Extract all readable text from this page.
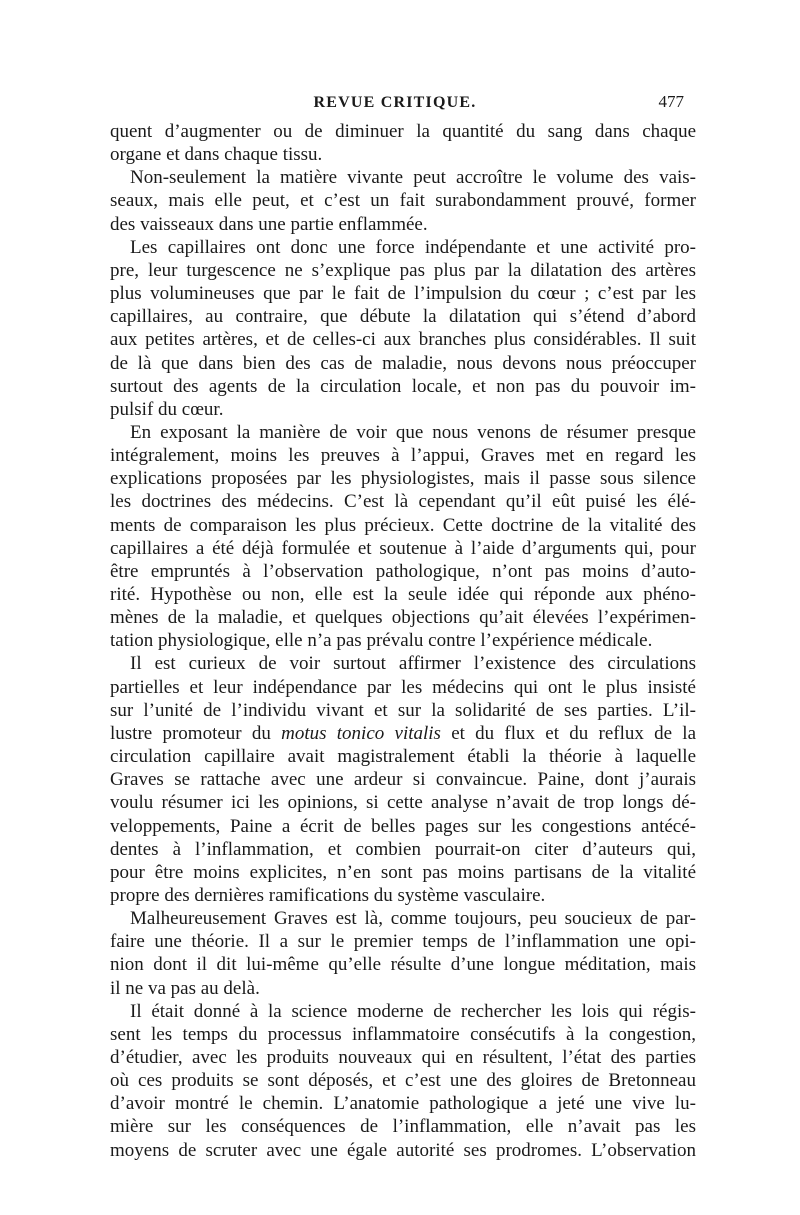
REVUE CRITIQUE.	477
quent d’augmenter ou de diminuer la quantité du sang dans chaque
organe et dans chaque tissu.
Non-seulement la matière vivante peut accroître le volume des vais-
seaux, mais elle peut, et c’est un fait surabondamment prouvé, former
des vaisseaux dans une partie enflammée.
Les capillaires ont donc une force indépendante et une activité pro-
pre, leur turgescence ne s’explique pas plus par la dilatation des artères
plus volumineuses que par le fait de l’impulsion du cœur ; c’est par les
capillaires, au contraire, que débute la dilatation qui s’étend d’abord
aux petites artères, et de celles-ci aux branches plus considérables. Il suit
de là que dans bien des cas de maladie, nous devons nous préoccuper
surtout des agents de la circulation locale, et non pas du pouvoir im-
pulsif du cœur.
En exposant la manière de voir que nous venons de résumer presque
intégralement, moins les preuves à l’appui, Graves met en regard les
explications proposées par les physiologistes, mais il passe sous silence
les doctrines des médecins. C’est là cependant qu’il eût puisé les élé-
ments de comparaison les plus précieux. Cette doctrine de la vitalité des
capillaires a été déjà formulée et soutenue à l’aide d’arguments qui, pour
être empruntés à l’observation pathologique, n’ont pas moins d’auto-
rité. Hypothèse ou non, elle est la seule idée qui réponde aux phéno-
mènes de la maladie, et quelques objections qu’ait élevées l’expérimen-
tation physiologique, elle n’a pas prévalu contre l’expérience médicale.
Il est curieux de voir surtout affirmer l’existence des circulations
partielles et leur indépendance par les médecins qui ont le plus insisté
sur l’unité de l’individu vivant et sur la solidarité de ses parties. L’il-
lustre promoteur du motus tonico vitalis et du flux et du reflux de la
circulation capillaire avait magistralement établi la théorie à laquelle
Graves se rattache avec une ardeur si convaincue. Paine, dont j’aurais
voulu résumer ici les opinions, si cette analyse n’avait de trop longs dé-
veloppements, Paine a écrit de belles pages sur les congestions antécé-
dentes à l’inflammation, et combien pourrait-on citer d’auteurs qui,
pour être moins explicites, n’en sont pas moins partisans de la vitalité
propre des dernières ramifications du système vasculaire.
Malheureusement Graves est là, comme toujours, peu soucieux de par-
faire une théorie. Il a sur le premier temps de l’inflammation une opi-
nion dont il dit lui-même qu’elle résulte d’une longue méditation, mais
il ne va pas au delà.
Il était donné à la science moderne de rechercher les lois qui régis-
sent les temps du processus inflammatoire consécutifs à la congestion,
d’étudier, avec les produits nouveaux qui en résultent, l’état des parties
où ces produits se sont déposés, et c’est une des gloires de Bretonneau
d’avoir montré le chemin. L’anatomie pathologique a jeté une vive lu-
mière sur les conséquences de l’inflammation, elle n’avait pas les
moyens de scruter avec une égale autorité ses prodromes. L’observation
